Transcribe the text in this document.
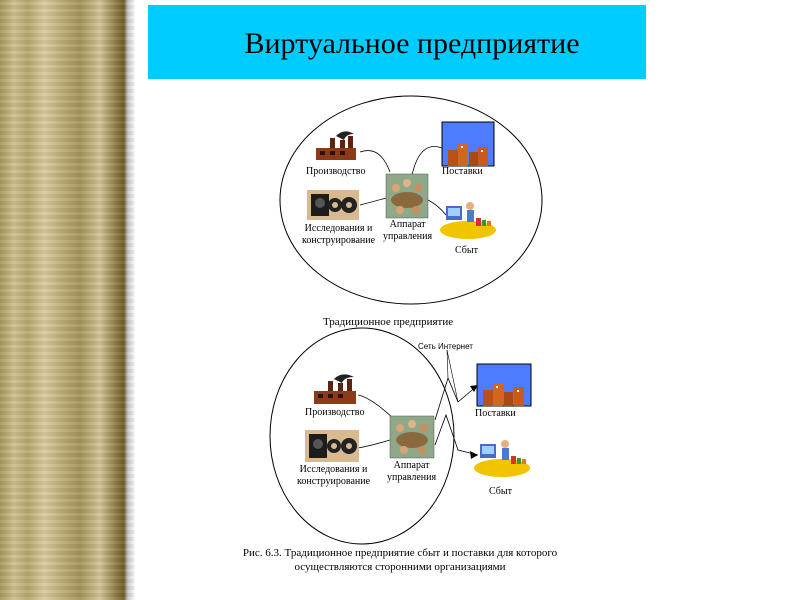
Виртуальное предприятие
Производство	Поставки
Исследования и
конструирование
Аппарат
управления
Сбыт
Традиционное предприятие
Сеть Интернет
Производство	Поставки
Исследования и
конструирование
Аппарат
управления
Сбыт
Рис. 6.3. Традиционное предприятие сбыт и поставки для которого
осуществляются сторонними организациями
